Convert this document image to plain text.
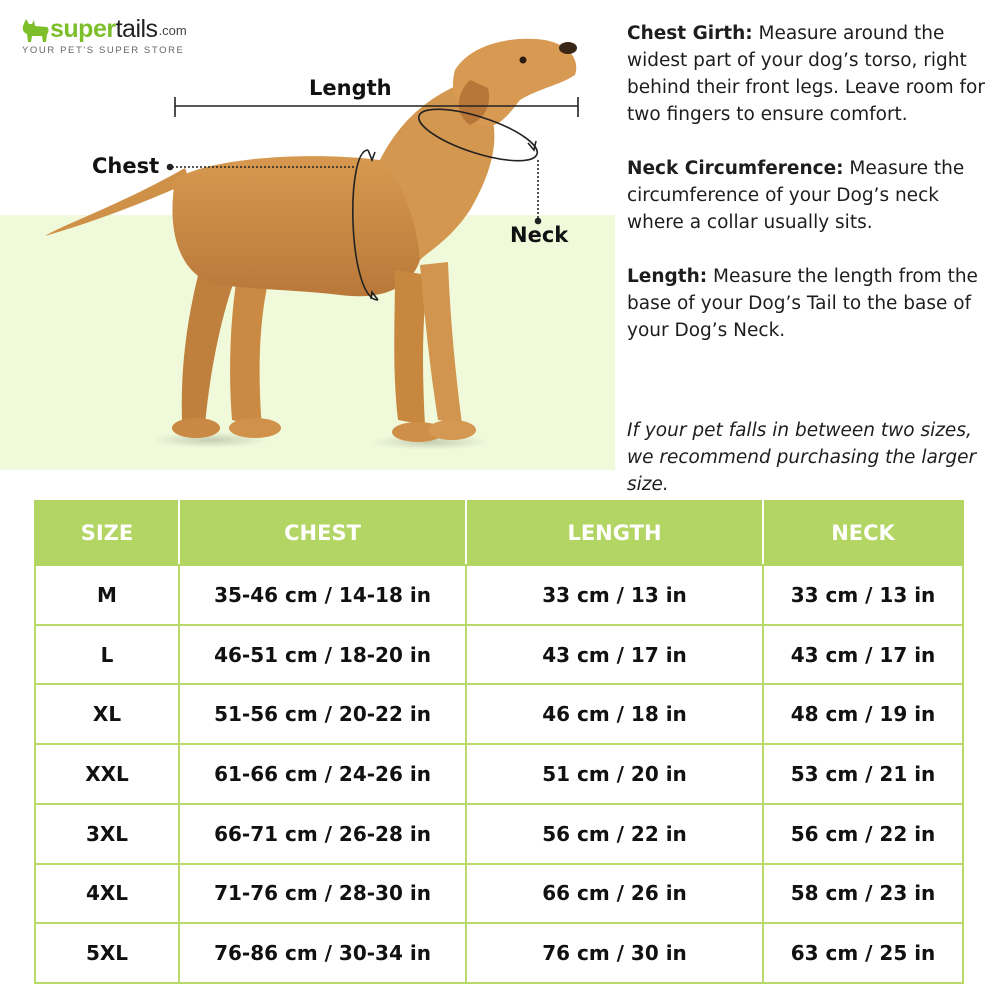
Length
Chest
Neck
supertails .com
YOUR PET'S SUPER STORE

Chest Girth: Measure around the widest part of your dog’s torso, right behind their front legs. Leave room for two fingers to ensure comfort.

Neck Circumference: Measure the circumference of your Dog’s neck where a collar usually sits.

Length: Measure the length from the base of your Dog’s Tail to the base of your Dog’s Neck.

If your pet falls in between two sizes, we recommend purchasing the larger size.

SIZE	CHEST	LENGTH	NECK
M	35-46 cm / 14-18 in	33 cm / 13 in	33 cm / 13 in
L	46-51 cm / 18-20 in	43 cm / 17 in	43 cm / 17 in
XL	51-56 cm / 20-22 in	46 cm / 18 in	48 cm / 19 in
XXL	61-66 cm / 24-26 in	51 cm / 20 in	53 cm / 21 in
3XL	66-71 cm / 26-28 in	56 cm / 22 in	56 cm / 22 in
4XL	71-76 cm / 28-30 in	66 cm / 26 in	58 cm / 23 in
5XL	76-86 cm / 30-34 in	76 cm / 30 in	63 cm / 25 in
